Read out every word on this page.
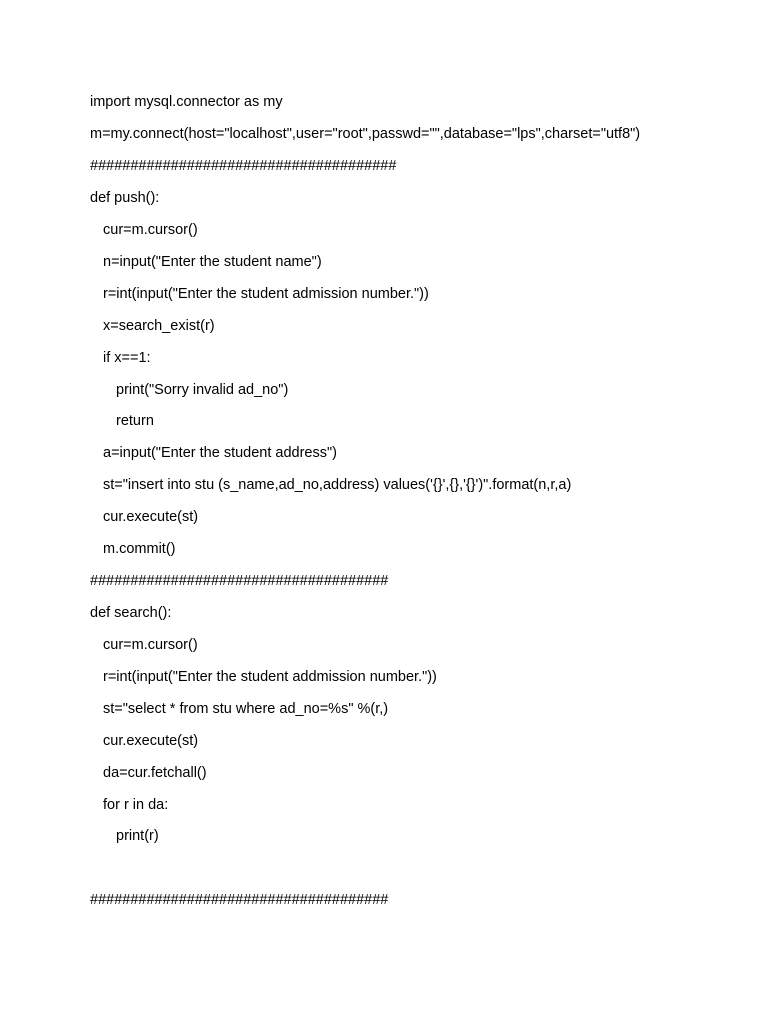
import mysql.connector as my
m=my.connect(host="localhost",user="root",passwd="",database="lps",charset="utf8")
######################################
def push():
cur=m.cursor()
n=input("Enter the student name")
r=int(input("Enter the student admission number."))
x=search_exist(r)
if x==1:
print("Sorry invalid ad_no")
return
a=input("Enter the student address")
st="insert into stu (s_name,ad_no,address) values('{}',{},'{}')".format(n,r,a)
cur.execute(st)
m.commit()
#####################################
def search():
cur=m.cursor()
r=int(input("Enter the student addmission number."))
st="select * from stu where ad_no=%s" %(r,)
cur.execute(st)
da=cur.fetchall()
for r in da:
print(r)
#####################################
